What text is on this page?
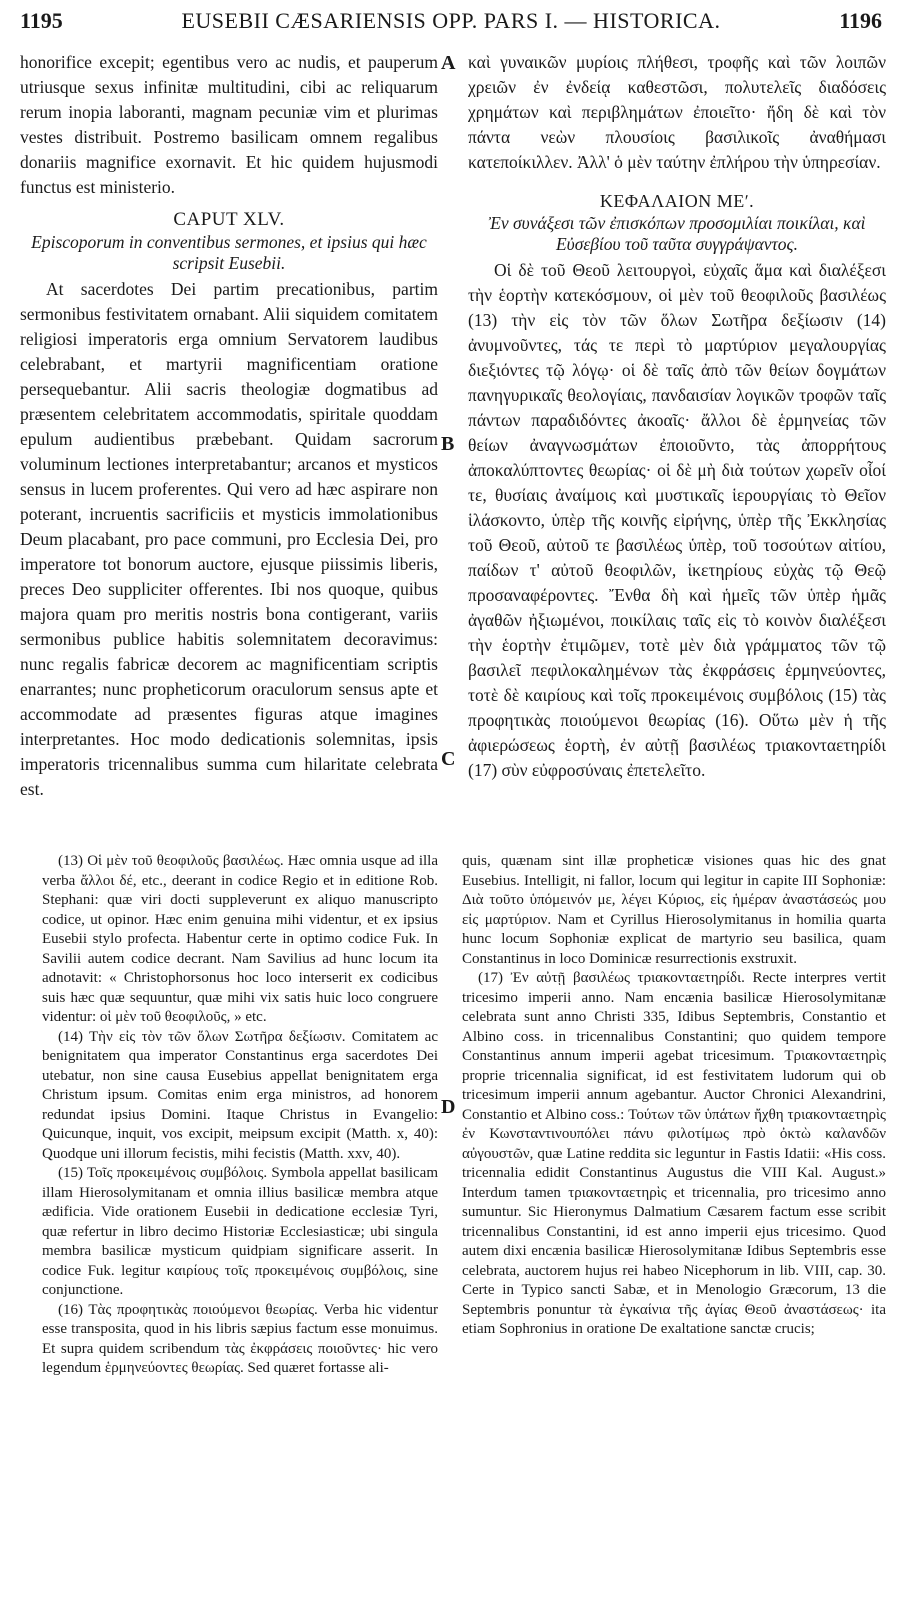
1195	EUSEBII CÆSARIENSIS OPP. PARS I. — HISTORICA.	1196

honorifice excepit; egentibus vero ac nudis, et pauperum utriusque sexus infinitæ multitudini, cibi ac reliquarum rerum inopia laboranti, magnam pecuniæ vim et plurimas vestes distribuit. Postremo basilicam omnem regalibus donariis magnifice exornavit. Et hic quidem hujusmodi functus est ministerio.

CAPUT XLV.
Episcoporum in conventibus sermones, et ipsius qui hæc scripsit Eusebii.

At sacerdotes Dei partim precationibus, partim sermonibus festivitatem ornabant. Alii siquidem comitatem religiosi imperatoris erga omnium Servatorem laudibus celebrabant, et martyrii magnificentiam oratione persequebantur. Alii sacris theologiæ dogmatibus ad præsentem celebritatem accommodatis, spiritale quoddam epulum audientibus præbebant. Quidam sacrorum voluminum lectiones interpretabantur; arcanos et mysticos sensus in lucem proferentes. Qui vero ad hæc aspirare non poterant, incruentis sacrificiis et mysticis immolationibus Deum placabant, pro pace communi, pro Ecclesia Dei, pro imperatore tot bonorum auctore, ejusque piissimis liberis, preces Deo suppliciter offerentes. Ibi nos quoque, quibus majora quam pro meritis nostris bona contigerant, variis sermonibus publice habitis solemnitatem decoravimus: nunc regalis fabricæ decorem ac magnificentiam scriptis enarrantes; nunc propheticorum oraculorum sensus apte et accommodate ad præsentes figuras atque imagines interpretantes. Hoc modo dedicationis solemnitas, ipsis imperatoris tricennalibus summa cum hilaritate celebrata est.

καὶ γυναικῶν μυρίοις πλήθεσι, τροφῆς καὶ τῶν λοιπῶν χρειῶν ἐν ἐνδείᾳ καθεστῶσι, πολυτελεῖς διαδόσεις χρημάτων καὶ περιβλημάτων ἐποιεῖτο· ἤδη δὲ καὶ τὸν πάντα νεὼν πλουσίοις βασιλικοῖς ἀναθήμασι κατεποίκιλλεν. Ἀλλ' ὁ μὲν ταύτην ἐπλήρου τὴν ὑπηρεσίαν.

ΚΕΦΑΛΑΙΟΝ ΜΕʹ.
Ἐν συνάξεσι τῶν ἐπισκόπων προσομιλίαι ποικίλαι, καὶ Εὐσεβίου τοῦ ταῦτα συγγράψαντος.

Οἱ δὲ τοῦ Θεοῦ λειτουργοὶ, εὐχαῖς ἅμα καὶ διαλέξεσι τὴν ἑορτὴν κατεκόσμουν, οἱ μὲν τοῦ θεοφιλοῦς βασιλέως (13) τὴν εἰς τὸν τῶν ὅλων Σωτῆρα δεξίωσιν (14) ἀνυμνοῦντες, τάς τε περὶ τὸ μαρτύριον μεγαλουργίας διεξιόντες τῷ λόγῳ· οἱ δὲ ταῖς ἀπὸ τῶν θείων δογμάτων πανηγυρικαῖς θεολογίαις, πανδαισίαν λογικῶν τροφῶν ταῖς πάντων παραδιδόντες ἀκοαῖς· ἄλλοι δὲ ἑρμηνείας τῶν θείων ἀναγνωσμάτων ἐποιοῦντο, τὰς ἀπορρήτους ἀποκαλύπτοντες θεωρίας· οἱ δὲ μὴ διὰ τούτων χωρεῖν οἷοί τε, θυσίαις ἀναίμοις καὶ μυστικαῖς ἱερουργίαις τὸ Θεῖον ἱλάσκοντο, ὑπὲρ τῆς κοινῆς εἰρήνης, ὑπὲρ τῆς Ἐκκλησίας τοῦ Θεοῦ, αὐτοῦ τε βασιλέως ὑπὲρ, τοῦ τοσούτων αἰτίου, παίδων τ' αὐτοῦ θεοφιλῶν, ἱκετηρίους εὐχὰς τῷ Θεῷ προσαναφέροντες. Ἔνθα δὴ καὶ ἡμεῖς τῶν ὑπὲρ ἡμᾶς ἀγαθῶν ἠξιωμένοι, ποικίλαις ταῖς εἰς τὸ κοινὸν διαλέξεσι τὴν ἑορτὴν ἐτιμῶμεν, τοτὲ μὲν διὰ γράμματος τῶν τῷ βασιλεῖ πεφιλοκαλημένων τὰς ἐκφράσεις ἑρμηνεύοντες, τοτὲ δὲ καιρίους καὶ τοῖς προκειμένοις συμβόλοις (15) τὰς προφητικὰς ποιούμενοι θεωρίας (16). Οὕτω μὲν ἡ τῆς ἀφιερώσεως ἑορτὴ, ἐν αὐτῇ βασιλέως τριακονταετηρίδι (17) σὺν εὐφροσύναις ἐπετελεῖτο.

A
B
C
D

(13) Οἱ μὲν τοῦ θεοφιλοῦς βασιλέως. Hæc omnia usque ad illa verba ἄλλοι δέ, etc., deerant in codice Regio et in editione Rob. Stephani: quæ viri docti suppleverunt ex aliquo manuscripto codice, ut opinor. Hæc enim genuina mihi videntur, et ex ipsius Eusebii stylo profecta. Habentur certe in optimo codice Fuk. In Savilii autem codice decrant. Nam Savilius ad hunc locum ita adnotavit: « Christophorsonus hoc loco interserit ex codicibus suis hæc quæ sequuntur, quæ mihi vix satis huic loco congruere videntur: οἱ μὲν τοῦ θεοφιλοῦς, » etc.

(14) Τὴν εἰς τὸν τῶν ὅλων Σωτῆρα δεξίωσιν. Comitatem ac benignitatem qua imperator Constantinus erga sacerdotes Dei utebatur, non sine causa Eusebius appellat benignitatem erga Christum ipsum. Comitas enim erga ministros, ad honorem redundat ipsius Domini. Itaque Christus in Evangelio: Quicunque, inquit, vos excipit, meipsum excipit (Matth. x, 40): Quodque uni illorum fecistis, mihi fecistis (Matth. xxv, 40).

(15) Τοῖς προκειμένοις συμβόλοις. Symbola appellat basilicam illam Hierosolymitanam et omnia illius basilicæ membra atque ædificia. Vide orationem Eusebii in dedicatione ecclesiæ Tyri, quæ refertur in libro decimo Historiæ Ecclesiasticæ; ubi singula membra basilicæ mysticum quidpiam significare asserit. In codice Fuk. legitur καιρίους τοῖς προκειμένοις συμβόλοις, sine conjunctione.

(16) Τὰς προφητικὰς ποιούμενοι θεωρίας. Verba hic videntur esse transposita, quod in his libris sæpius factum esse monuimus. Et supra quidem scribendum τὰς ἐκφράσεις ποιοῦντες· hic vero legendum ἑρμηνεύοντες θεωρίας. Sed quæret fortasse ali-

quis, quænam sint illæ propheticæ visiones quas hic des gnat Eusebius. Intelligit, ni fallor, locum qui legitur in capite III Sophoniæ: Διὰ τοῦτο ὑπόμεινόν με, λέγει Κύριος, εἰς ἡμέραν ἀναστάσεώς μου εἰς μαρτύριον. Nam et Cyrillus Hierosolymitanus in homilia quarta hunc locum Sophoniæ explicat de martyrio seu basilica, quam Constantinus in loco Dominicæ resurrectionis exstruxit.

(17) Ἐν αὐτῇ βασιλέως τριακονταετηρίδι. Recte interpres vertit tricesimo imperii anno. Nam encænia basilicæ Hierosolymitanæ celebrata sunt anno Christi 335, Idibus Septembris, Constantio et Albino coss. in tricennalibus Constantini; quo quidem tempore Constantinus annum imperii agebat tricesimum. Τριακονταετηρὶς proprie tricennalia significat, id est festivitatem ludorum qui ob tricesimum imperii annum agebantur. Auctor Chronici Alexandrini, Constantio et Albino coss.: Τούτων τῶν ὑπάτων ἤχθη τριακονταετηρὶς ἐν Κωνσταντινουπόλει πάνυ φιλοτίμως πρὸ ὀκτὼ καλανδῶν αὐγουστῶν, quæ Latine reddita sic leguntur in Fastis Idatii: «His coss. tricennalia edidit Constantinus Augustus die VIII Kal. August.» Interdum tamen τριακονταετηρὶς et tricennalia, pro tricesimo anno sumuntur. Sic Hieronymus Dalmatium Cæsarem factum esse scribit tricennalibus Constantini, id est anno imperii ejus tricesimo. Quod autem dixi encænia basilicæ Hierosolymitanæ Idibus Septembris esse celebrata, auctorem hujus rei habeo Nicephorum in lib. VIII, cap. 30. Certe in Typico sancti Sabæ, et in Menologio Græcorum, 13 die Septembris ponuntur τὰ ἐγκαίνια τῆς ἁγίας Θεοῦ ἀναστάσεως· ita etiam Sophronius in oratione De exaltatione sanctæ crucis;
